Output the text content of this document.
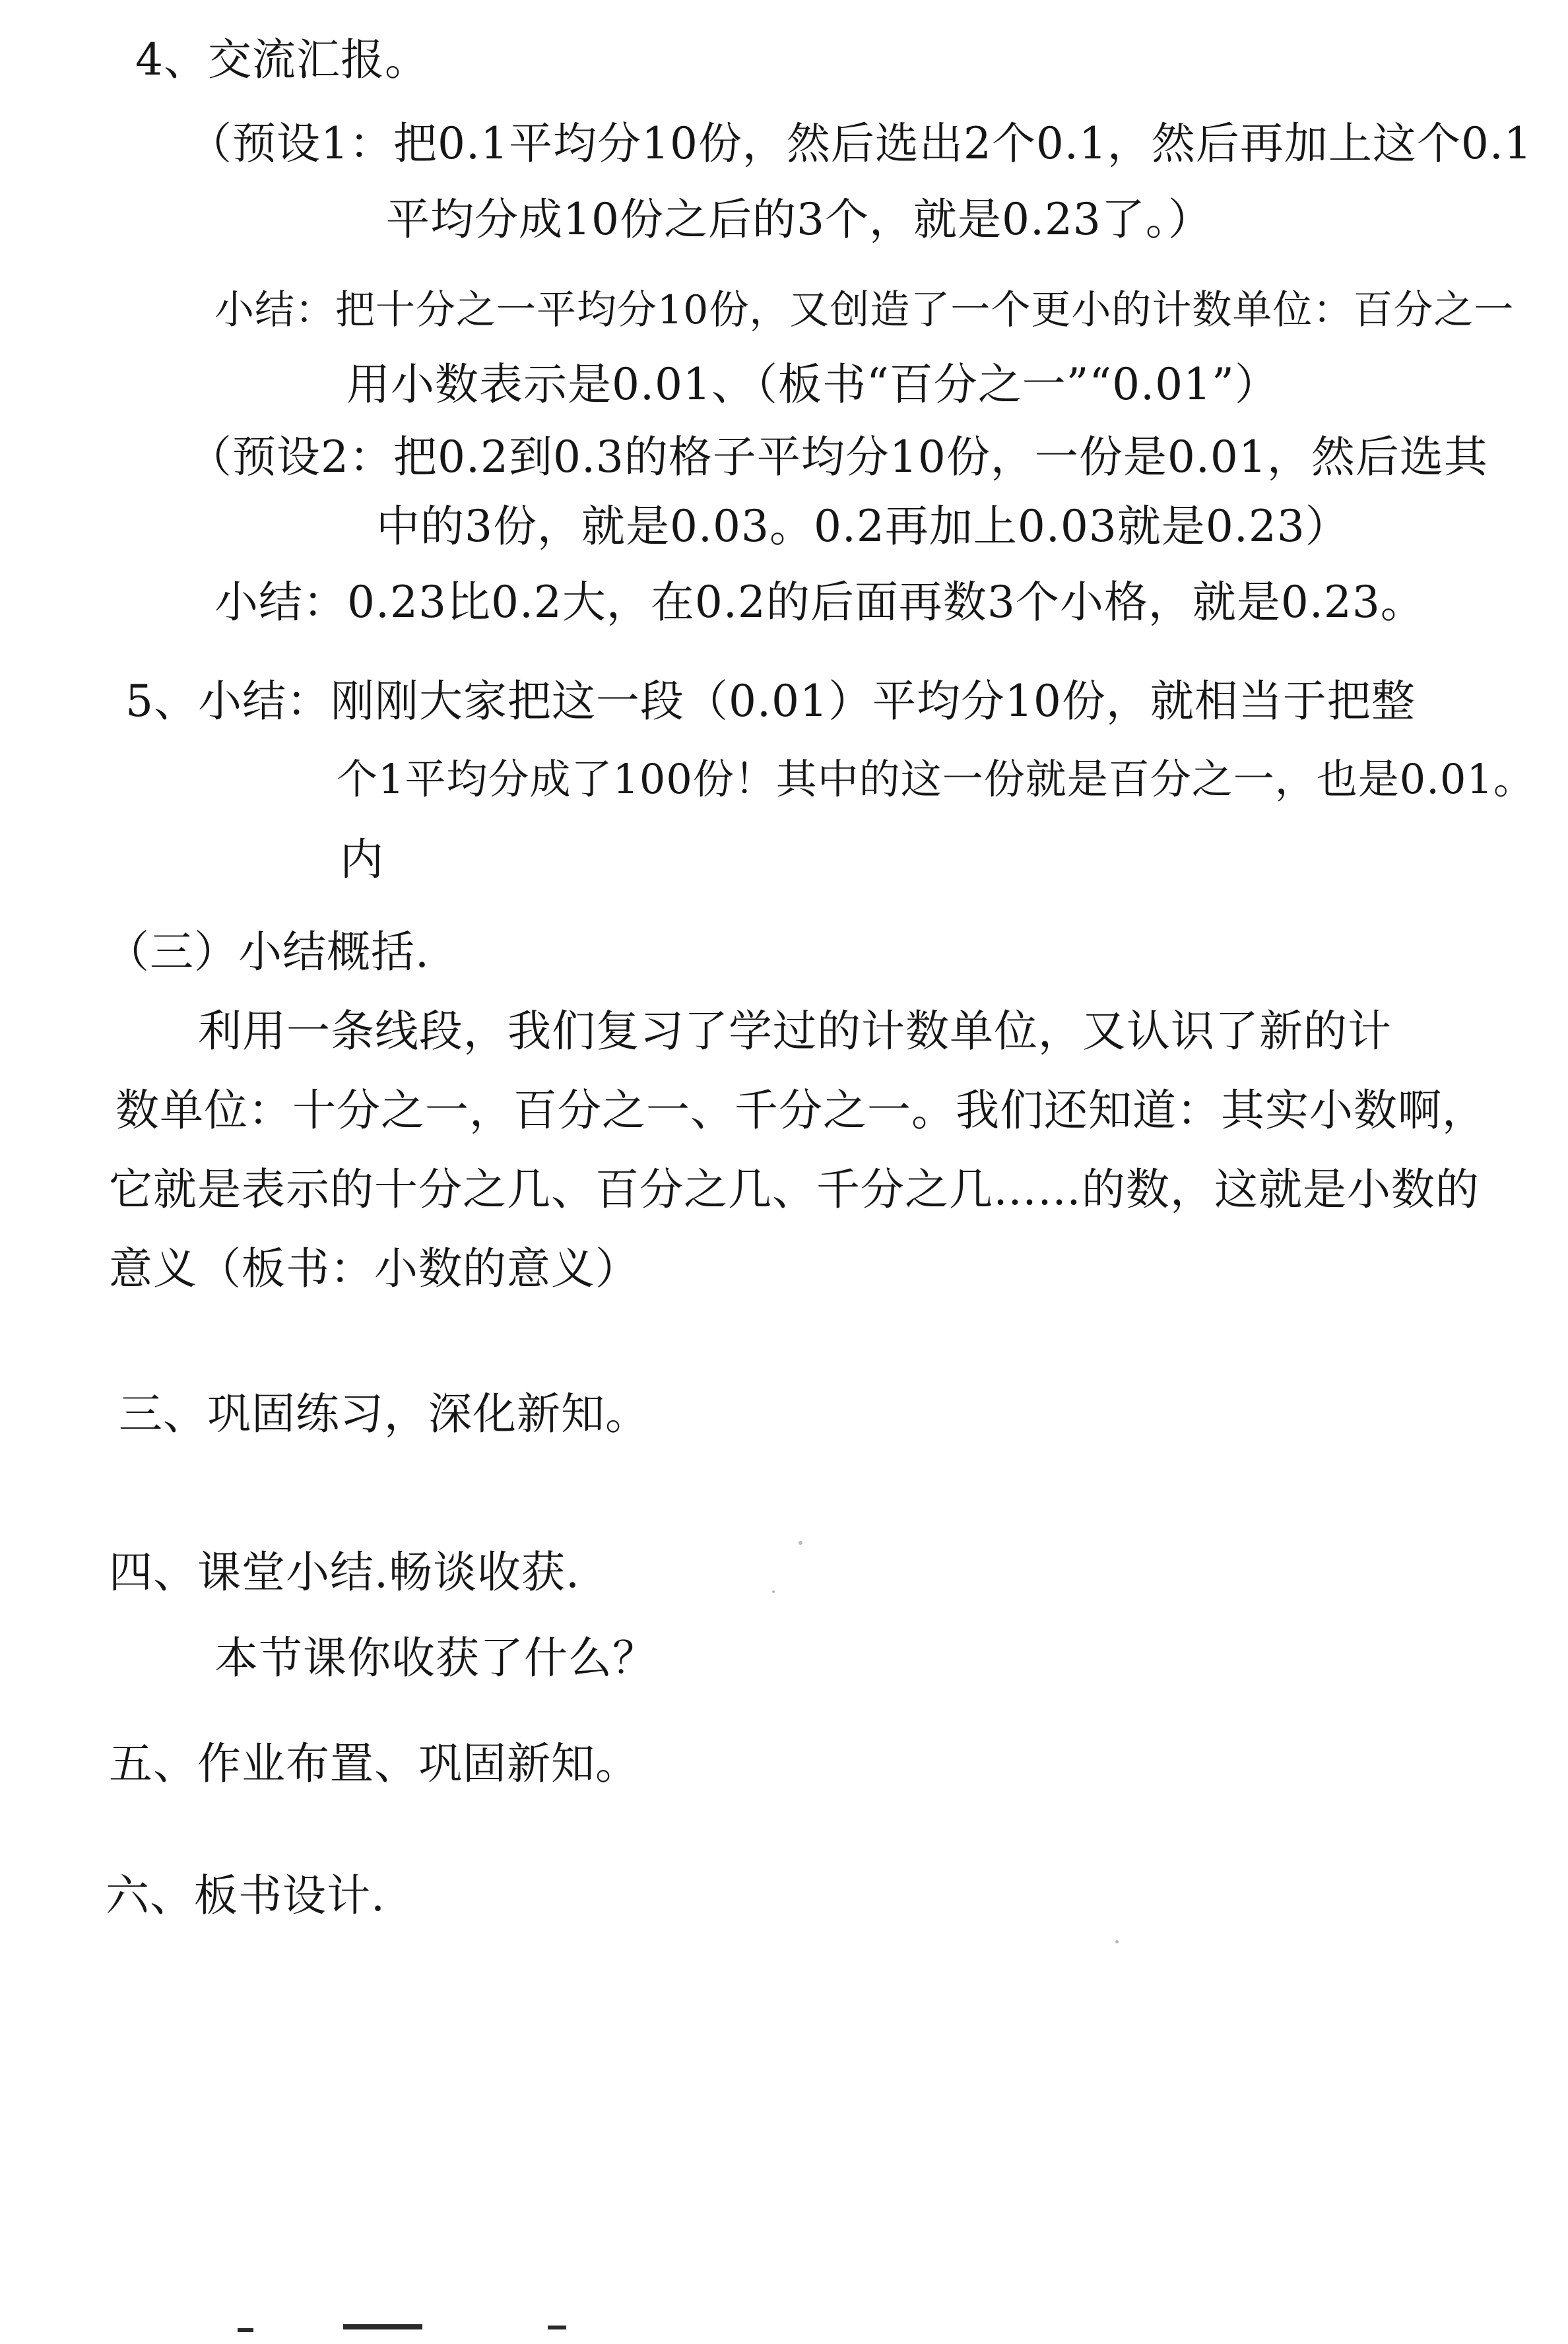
4、交流汇报。
（预设1：把0.1平均分10份，然后选出2个0.1，然后再加上这个0.1
平均分成10份之后的3个，就是0.23了。）
小结：把十分之一平均分10份，又创造了一个更小的计数单位：百分之一
用小数表示是0.01、（板书“百分之一”“0.01”）
（预设2：把0.2到0.3的格子平均分10份，一份是0.01，然后选其
中的3份，就是0.03。0.2再加上0.03就是0.23）
小结：0.23比0.2大，在0.2的后面再数3个小格，就是0.23。
5、小结：刚刚大家把这一段（0.01）平均分10份，就相当于把整
个1平均分成了100份！其中的这一份就是百分之一，也是0.01。
内
（三）小结概括.
利用一条线段，我们复习了学过的计数单位，又认识了新的计
数单位：十分之一，百分之一、千分之一。我们还知道：其实小数啊，
它就是表示的十分之几、百分之几、千分之几……的数，这就是小数的
意义（板书：小数的意义）
三、巩固练习，深化新知。
四、课堂小结.畅谈收获.
本节课你收获了什么？
五、作业布置、巩固新知。
六、板书设计.
